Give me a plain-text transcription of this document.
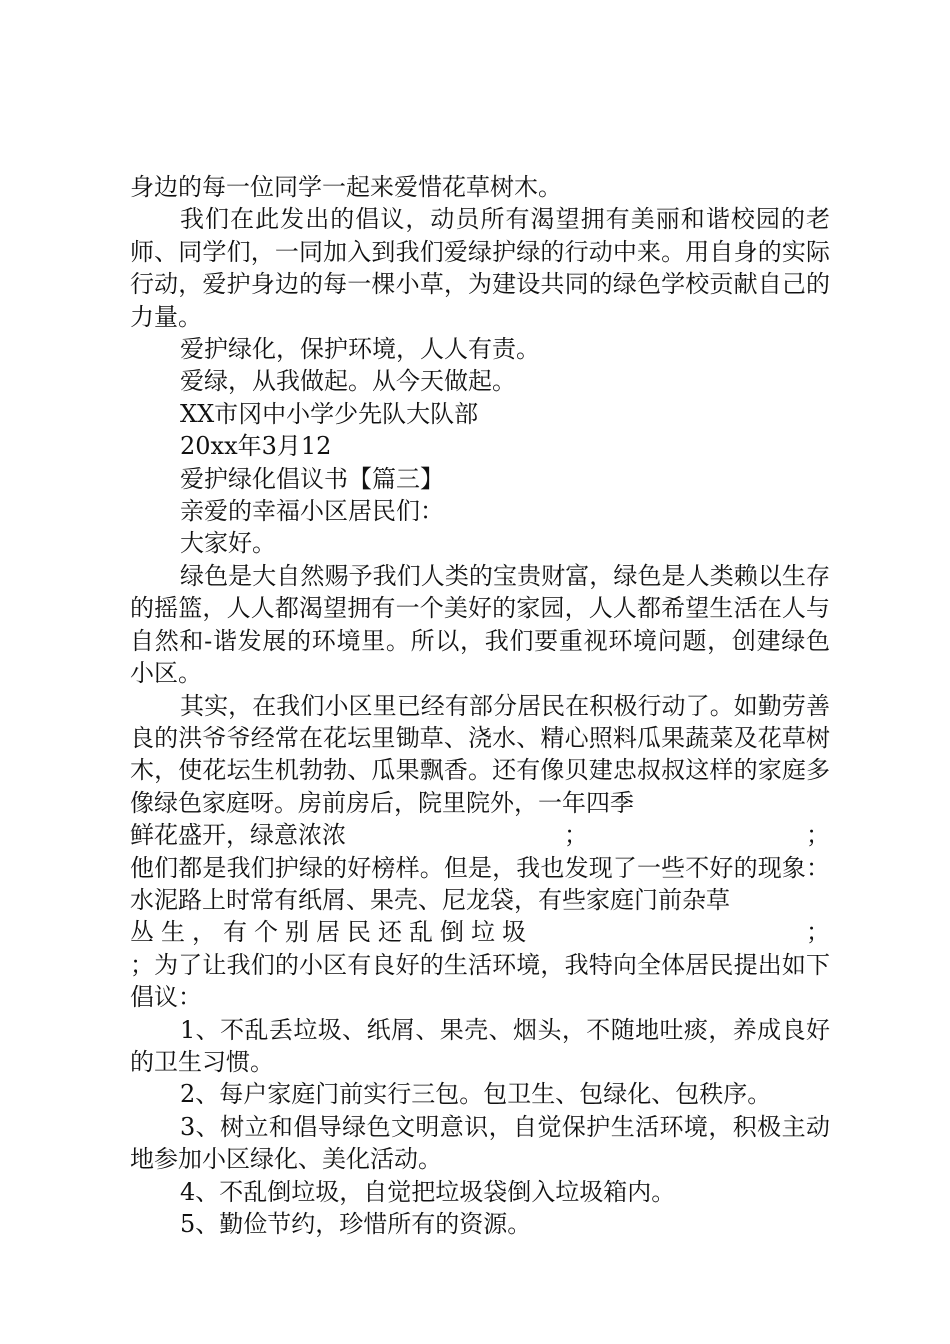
身边的每一位同学一起来爱惜花草树木。

我们在此发出的倡议，动员所有渴望拥有美丽和谐校园的老师、同学们，一同加入到我们爱绿护绿的行动中来。用自身的实际行动，爱护身边的每一棵小草，为建设共同的绿色学校贡献自己的力量。

爱护绿化，保护环境，人人有责。

爱绿，从我做起。从今天做起。

XX市冈中小学少先队大队部

20xx年3月12

爱护绿化倡议书【篇三】

亲爱的幸福小区居民们：

大家好。

绿色是大自然赐予我们人类的宝贵财富，绿色是人类赖以生存的摇篮，人人都渴望拥有一个美好的家园，人人都希望生活在人与自然和-谐发展的环境里。所以，我们要重视环境问题，创建绿色小区。

其实，在我们小区里已经有部分居民在积极行动了。如勤劳善良的洪爷爷经常在花坛里锄草、浇水、精心照料瓜果蔬菜及花草树木，使花坛生机勃勃、瓜果飘香。还有像贝建忠叔叔这样的家庭多像绿色家庭呀。房前房后，院里院外，一年四季

鲜花盛开，绿意浓浓	；	；

他们都是我们护绿的好榜样。但是，我也发现了一些不好的现象：水泥路上时常有纸屑、果壳、尼龙袋，有些家庭门前杂草

丛生，有个别居民还乱倒垃圾	；

；为了让我们的小区有良好的生活环境，我特向全体居民提出如下倡议：

1、不乱丢垃圾、纸屑、果壳、烟头，不随地吐痰，养成良好的卫生习惯。

2、每户家庭门前实行三包。包卫生、包绿化、包秩序。

3、树立和倡导绿色文明意识，自觉保护生活环境，积极主动地参加小区绿化、美化活动。

4、不乱倒垃圾，自觉把垃圾袋倒入垃圾箱内。

5、勤俭节约，珍惜所有的资源。
